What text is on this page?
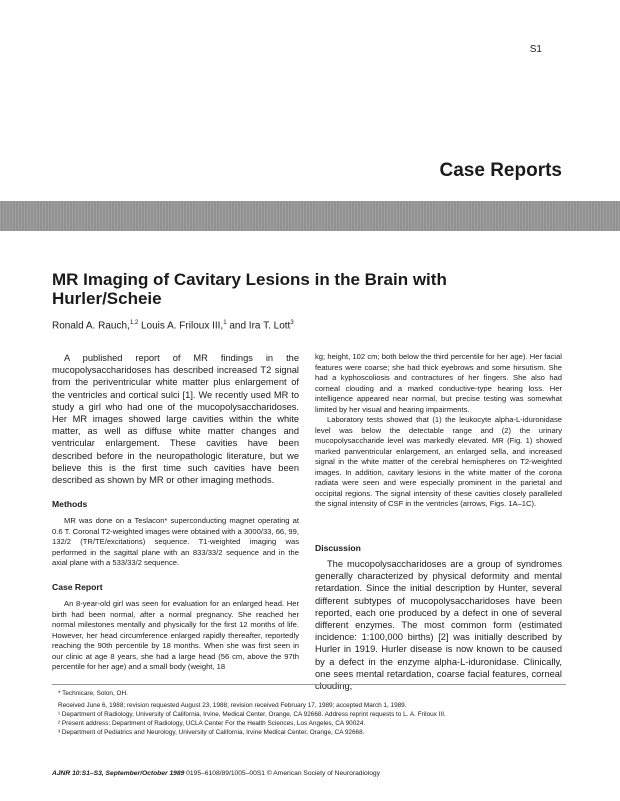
S1
Case Reports
MR Imaging of Cavitary Lesions in the Brain with Hurler/Scheie
Ronald A. Rauch,$^{1,2}$ Louis A. Friloux III,$^1$ and Ira T. Lott$^3$

A published report of MR findings in the mucopolysaccharidoses has described increased T2 signal from the periventricular white matter plus enlargement of the ventricles and cortical sulci [1]. We recently used MR to study a girl who had one of the mucopolysaccharidoses. Her MR images showed large cavities within the white matter, as well as diffuse white matter changes and ventricular enlargement. These cavities have been described before in the neuropathologic literature, but we believe this is the first time such cavities have been described as shown by MR or other imaging methods.

Methods

MR was done on a Teslacon* superconducting magnet operating at 0.6 T. Coronal T2-weighted images were obtained with a 3000/33, 66, 99, 132/2 (TR/TE/excitations) sequence. T1-weighted imaging was performed in the sagittal plane with an 833/33/2 sequence and in the axial plane with a 533/33/2 sequence.

Case Report

An 8-year-old girl was seen for evaluation for an enlarged head. Her birth had been normal, after a normal pregnancy. She reached her normal milestones mentally and physically for the first 12 months of life. However, her head circumference enlarged rapidly thereafter, reportedly reaching the 90th percentile by 18 months. When she was first seen in our clinic at age 8 years, she had a large head (56 cm, above the 97th percentile for her age) and a small body (weight, 18

kg; height, 102 cm; both below the third percentile for her age). Her facial features were coarse; she had thick eyebrows and some hirsutism. She had a kyphoscoliosis and contractures of her fingers. She also had corneal clouding and a marked conductive-type hearing loss. Her intelligence appeared near normal, but precise testing was somewhat limited by her visual and hearing impairments.

Laboratory tests showed that (1) the leukocyte alpha-L-iduronidase level was below the detectable range and (2) the urinary mucopolysaccharide level was markedly elevated. MR (Fig. 1) showed marked panventricular enlargement, an enlarged sella, and increased signal in the white matter of the cerebral hemispheres on T2-weighted images. In addition, cavitary lesions in the white matter of the corona radiata were seen and were especially prominent in the parietal and occipital regions. The signal intensity of these cavities closely paralleled the signal intensity of CSF in the ventricles (arrows, Figs. 1A–1C).

Discussion

The mucopolysaccharidoses are a group of syndromes generally characterized by physical deformity and mental retardation. Since the initial description by Hunter, several different subtypes of mucopolysaccharidoses have been reported, each one produced by a defect in one of several different enzymes. The most common form (estimated incidence: 1:100,000 births) [2] was initially described by Hurler in 1919. Hurler disease is now known to be caused by a defect in the enzyme alpha-L-iduronidase. Clinically, one sees mental retardation, coarse facial features, corneal clouding,

* Technicare, Solon, OH.
Received June 6, 1988; revision requested August 23, 1988; revision received February 17, 1989; accepted March 1, 1989.
¹ Department of Radiology, University of California, Irvine, Medical Center, Orange, CA 92668. Address reprint requests to L. A. Friloux III.
² Present address: Department of Radiology, UCLA Center For the Health Sciences, Los Angeles, CA 90024.
³ Department of Pediatrics and Neurology, University of California, Irvine Medical Center, Orange, CA 92668.
AJNR 10:S1–S3, September/October 1989 0195–6108/89/1005–00S1 © American Society of Neuroradiology
